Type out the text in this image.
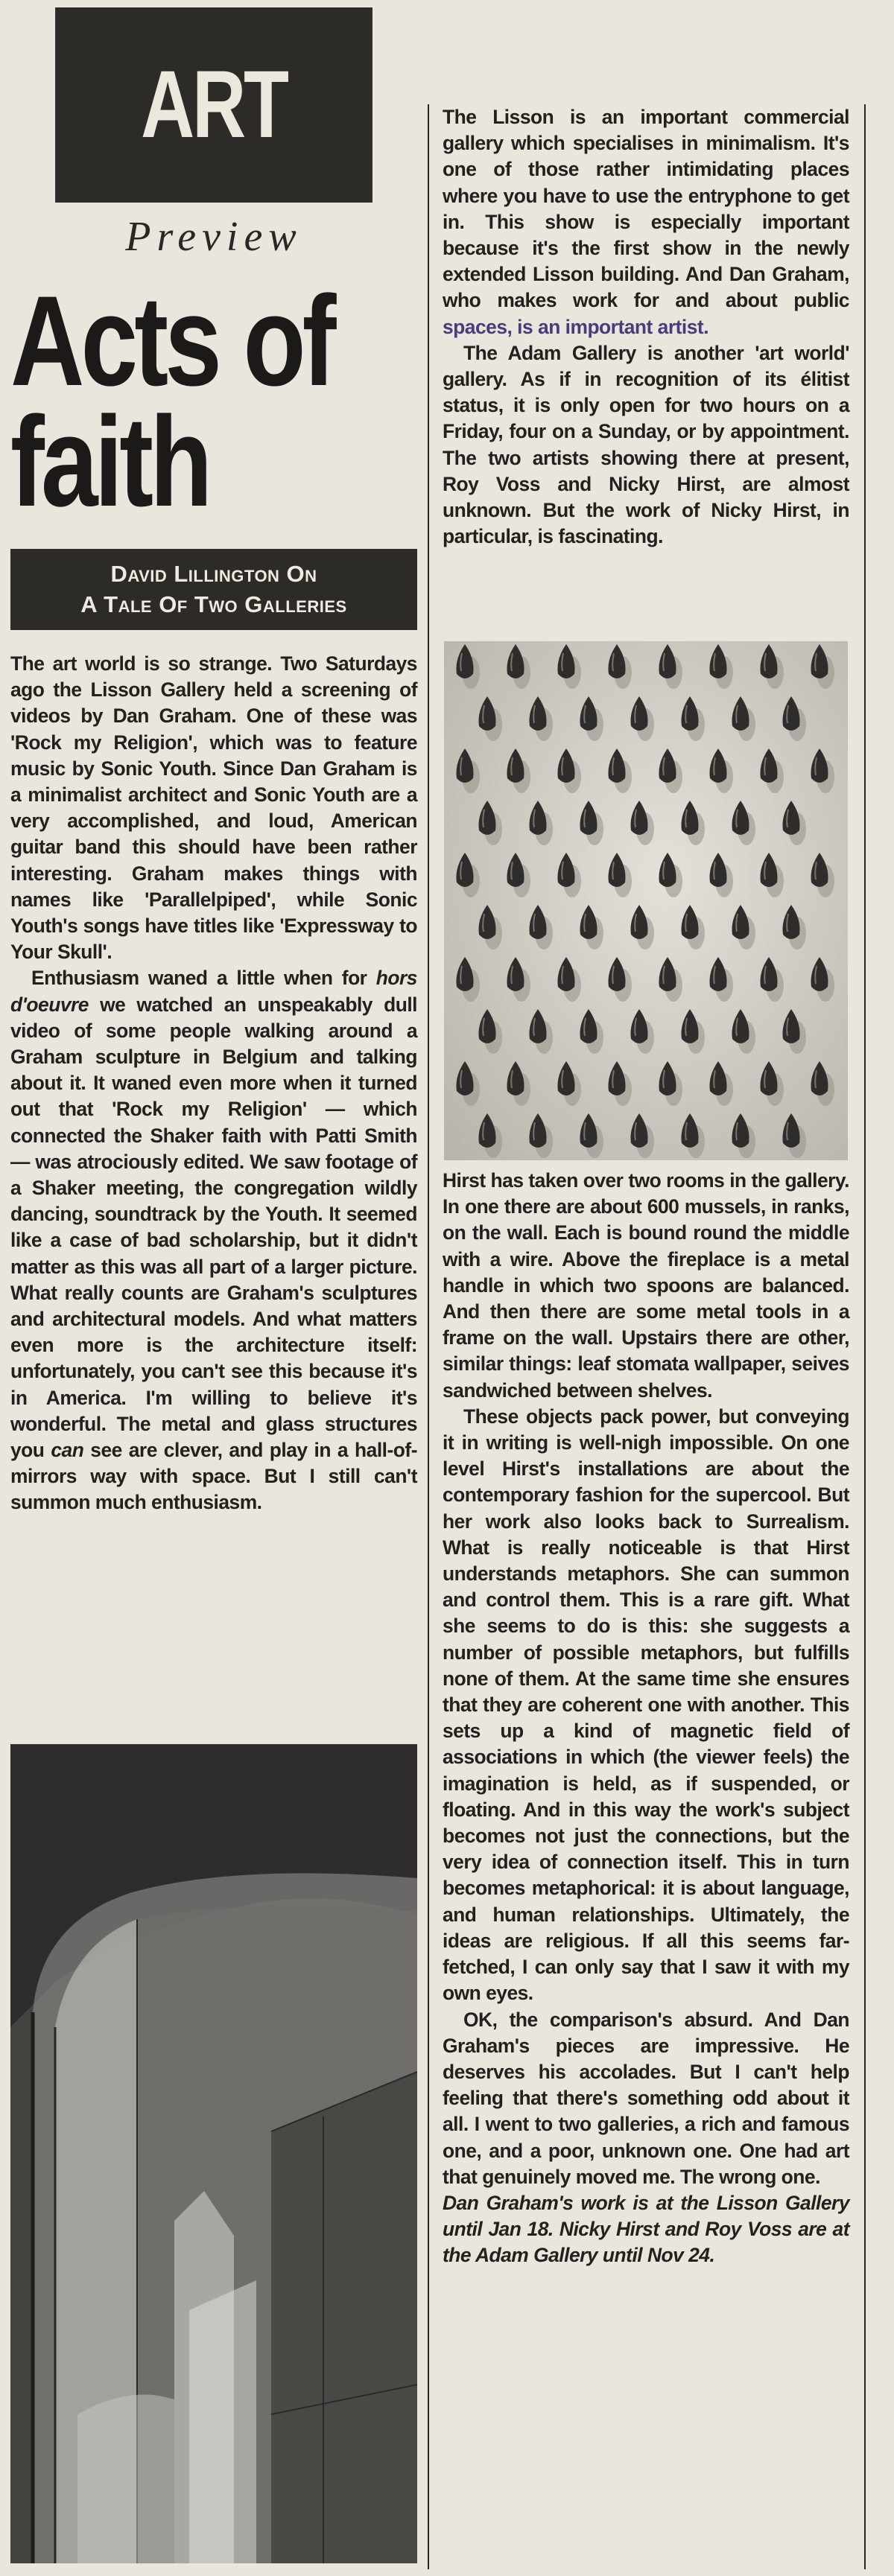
ART
Preview
Acts of
faith
David Lillington On
A Tale Of Two Galleries

The art world is so strange. Two Saturdays ago the Lisson Gallery held a screening of videos by Dan Graham. One of these was 'Rock my Religion', which was to feature music by Sonic Youth. Since Dan Graham is a minimalist architect and Sonic Youth are a very accomplished, and loud, American guitar band this should have been rather interesting. Graham makes things with names like 'Parallelpiped', while Sonic Youth's songs have titles like 'Expressway to Your Skull'.

Enthusiasm waned a little when for hors d'oeuvre we watched an unspeakably dull video of some people walking around a Graham sculpture in Belgium and talking about it. It waned even more when it turned out that 'Rock my Religion' — which connected the Shaker faith with Patti Smith — was atrociously edited. We saw footage of a Shaker meeting, the congregation wildly dancing, soundtrack by the Youth. It seemed like a case of bad scholarship, but it didn't matter as this was all part of a larger picture. What really counts are Graham's sculptures and architectural models. And what matters even more is the architecture itself: unfortunately, you can't see this because it's in America. I'm willing to believe it's wonderful. The metal and glass structures you can see are clever, and play in a hall-of-mirrors way with space. But I still can't summon much enthusiasm.

The Lisson is an important commercial gallery which specialises in minimalism. It's one of those rather intimidating places where you have to use the entryphone to get in. This show is especially important because it's the first show in the newly extended Lisson building. And Dan Graham, who makes work for and about public spaces, is an important artist.

The Adam Gallery is another 'art world' gallery. As if in recognition of its élitist status, it is only open for two hours on a Friday, four on a Sunday, or by appointment. The two artists showing there at present, Roy Voss and Nicky Hirst, are almost unknown. But the work of Nicky Hirst, in particular, is fascinating.

Hirst has taken over two rooms in the gallery. In one there are about 600 mussels, in ranks, on the wall. Each is bound round the middle with a wire. Above the fireplace is a metal handle in which two spoons are balanced. And then there are some metal tools in a frame on the wall. Upstairs there are other, similar things: leaf stomata wallpaper, seives sandwiched between shelves.

These objects pack power, but conveying it in writing is well-nigh impossible. On one level Hirst's installations are about the contemporary fashion for the supercool. But her work also looks back to Surrealism. What is really noticeable is that Hirst understands metaphors. She can summon and control them. This is a rare gift. What she seems to do is this: she suggests a number of possible metaphors, but fulfills none of them. At the same time she ensures that they are coherent one with another. This sets up a kind of magnetic field of associations in which (the viewer feels) the imagination is held, as if suspended, or floating. And in this way the work's subject becomes not just the connections, but the very idea of connection itself. This in turn becomes metaphorical: it is about language, and human relationships. Ultimately, the ideas are religious. If all this seems far-fetched, I can only say that I saw it with my own eyes.

OK, the comparison's absurd. And Dan Graham's pieces are impressive. He deserves his accolades. But I can't help feeling that there's something odd about it all. I went to two galleries, a rich and famous one, and a poor, unknown one. One had art that genuinely moved me. The wrong one.

Dan Graham's work is at the Lisson Gallery until Jan 18. Nicky Hirst and Roy Voss are at the Adam Gallery until Nov 24.
